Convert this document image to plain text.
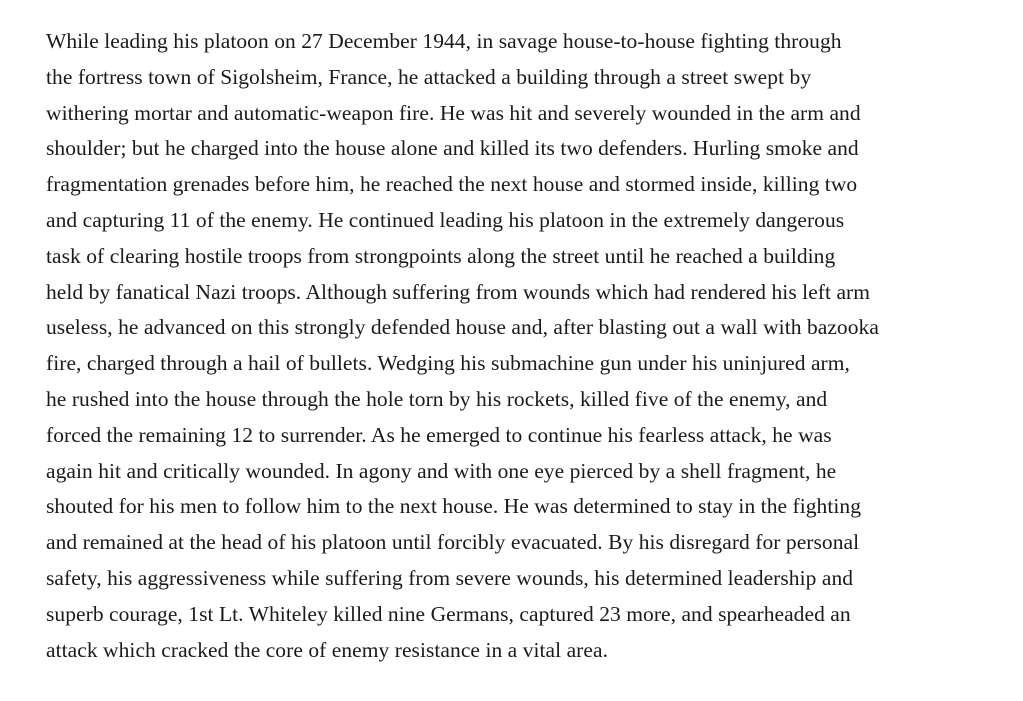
While leading his platoon on 27 December 1944, in savage house-to-house fighting through
the fortress town of Sigolsheim, France, he attacked a building through a street swept by
withering mortar and automatic-weapon fire. He was hit and severely wounded in the arm and
shoulder; but he charged into the house alone and killed its two defenders. Hurling smoke and
fragmentation grenades before him, he reached the next house and stormed inside, killing two
and capturing 11 of the enemy. He continued leading his platoon in the extremely dangerous
task of clearing hostile troops from strongpoints along the street until he reached a building
held by fanatical Nazi troops. Although suffering from wounds which had rendered his left arm
useless, he advanced on this strongly defended house and, after blasting out a wall with bazooka
fire, charged through a hail of bullets. Wedging his submachine gun under his uninjured arm,
he rushed into the house through the hole torn by his rockets, killed five of the enemy, and
forced the remaining 12 to surrender. As he emerged to continue his fearless attack, he was
again hit and critically wounded. In agony and with one eye pierced by a shell fragment, he
shouted for his men to follow him to the next house. He was determined to stay in the fighting
and remained at the head of his platoon until forcibly evacuated. By his disregard for personal
safety, his aggressiveness while suffering from severe wounds, his determined leadership and
superb courage, 1st Lt. Whiteley killed nine Germans, captured 23 more, and spearheaded an
attack which cracked the core of enemy resistance in a vital area.
